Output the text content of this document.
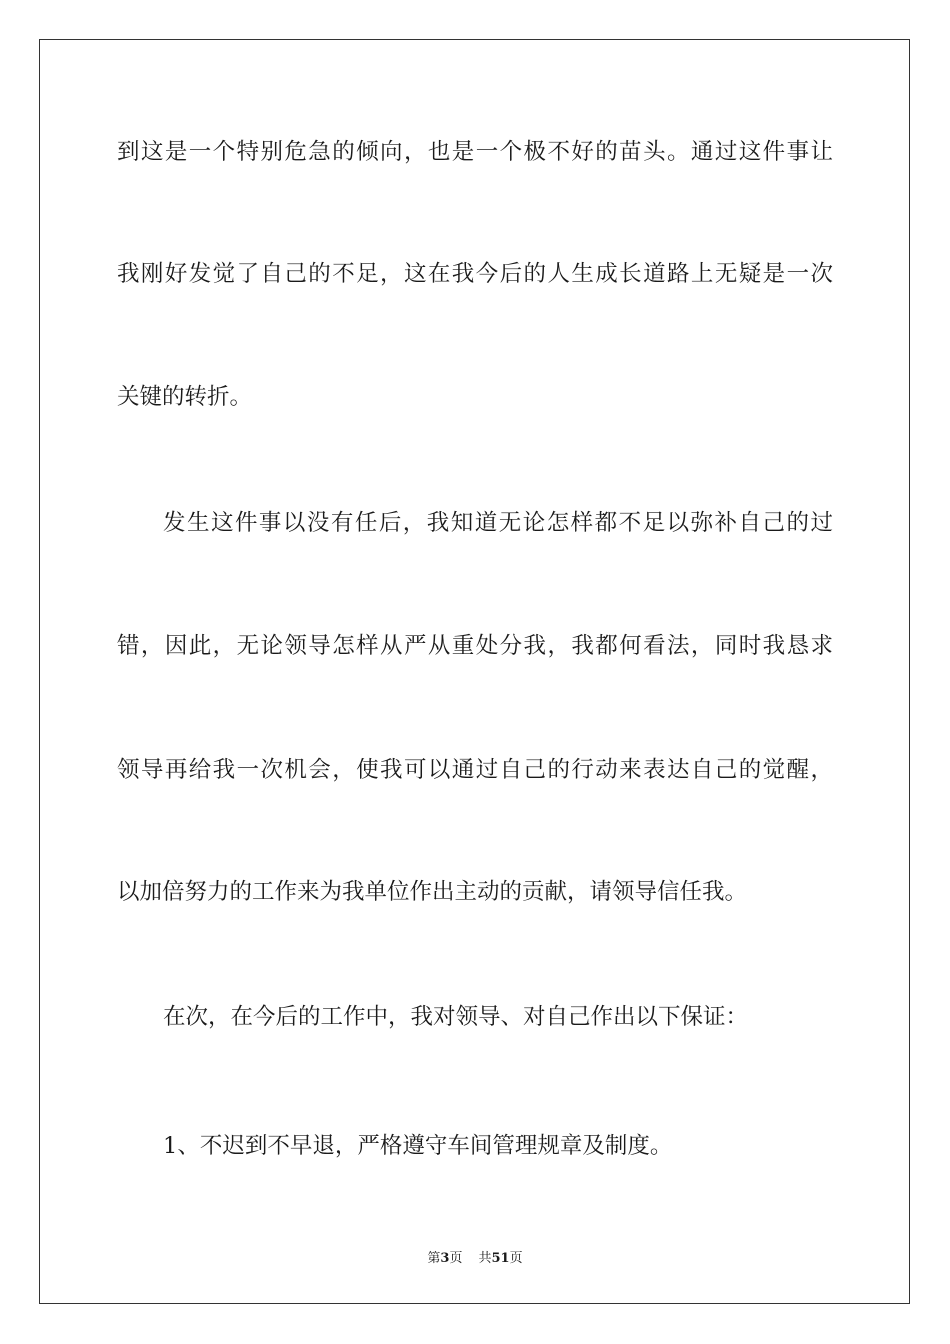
到这是一个特别危急的倾向，也是一个极不好的苗头。通过这件事让
我刚好发觉了自己的不足，这在我今后的人生成长道路上无疑是一次
关键的转折。
发生这件事以没有任后，我知道无论怎样都不足以弥补自己的过
错，因此，无论领导怎样从严从重处分我，我都何看法，同时我恳求
领导再给我一次机会，使我可以通过自己的行动来表达自己的觉醒，
以加倍努力的工作来为我单位作出主动的贡献，请领导信任我。
在次，在今后的工作中，我对领导、对自己作出以下保证：
1、不迟到不早退，严格遵守车间管理规章及制度。
第3页 共51页
